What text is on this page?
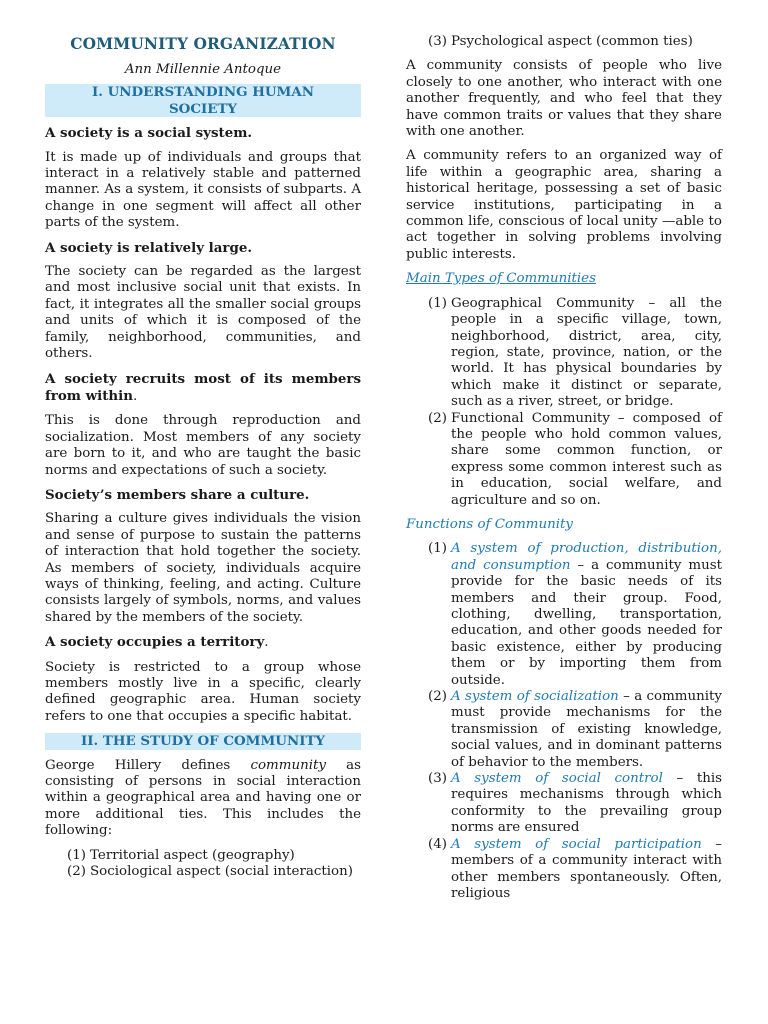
COMMUNITY ORGANIZATION
Ann Millennie Antoque
I. UNDERSTANDING HUMAN SOCIETY
A society is a social system.
It is made up of individuals and groups that interact in a relatively stable and patterned manner. As a system, it consists of subparts. A change in one segment will affect all other parts of the system.
A society is relatively large.
The society can be regarded as the largest and most inclusive social unit that exists. In fact, it integrates all the smaller social groups and units of which it is composed of the family, neighborhood, communities, and others.
A society recruits most of its members from within.
This is done through reproduction and socialization. Most members of any society are born to it, and who are taught the basic norms and expectations of such a society.
Society’s members share a culture.
Sharing a culture gives individuals the vision and sense of purpose to sustain the patterns of interaction that hold together the society. As members of society, individuals acquire ways of thinking, feeling, and acting. Culture consists largely of symbols, norms, and values shared by the members of the society.
A society occupies a territory.
Society is restricted to a group whose members mostly live in a specific, clearly defined geographic area. Human society refers to one that occupies a specific habitat.
II. THE STUDY OF COMMUNITY
George Hillery defines community as consisting of persons in social interaction within a geographical area and having one or more additional ties. This includes the following:
(1) Territorial aspect (geography)
(2) Sociological aspect (social interaction)
(3) Psychological aspect (common ties)
A community consists of people who live closely to one another, who interact with one another frequently, and who feel that they have common traits or values that they share with one another.
A community refers to an organized way of life within a geographic area, sharing a historical heritage, possessing a set of basic service institutions, participating in a common life, conscious of local unity —able to act together in solving problems involving public interests.
Main Types of Communities
(1) Geographical Community – all the people in a specific village, town, neighborhood, district, area, city, region, state, province, nation, or the world. It has physical boundaries by which make it distinct or separate, such as a river, street, or bridge.
(2) Functional Community – composed of the people who hold common values, share some common function, or express some common interest such as in education, social welfare, and agriculture and so on.
Functions of Community
(1) A system of production, distribution, and consumption – a community must provide for the basic needs of its members and their group. Food, clothing, dwelling, transportation, education, and other goods needed for basic existence, either by producing them or by importing them from outside.
(2) A system of socialization – a community must provide mechanisms for the transmission of existing knowledge, social values, and in dominant patterns of behavior to the members.
(3) A system of social control – this requires mechanisms through which conformity to the prevailing group norms are ensured
(4) A system of social participation – members of a community interact with other members spontaneously. Often, religious
